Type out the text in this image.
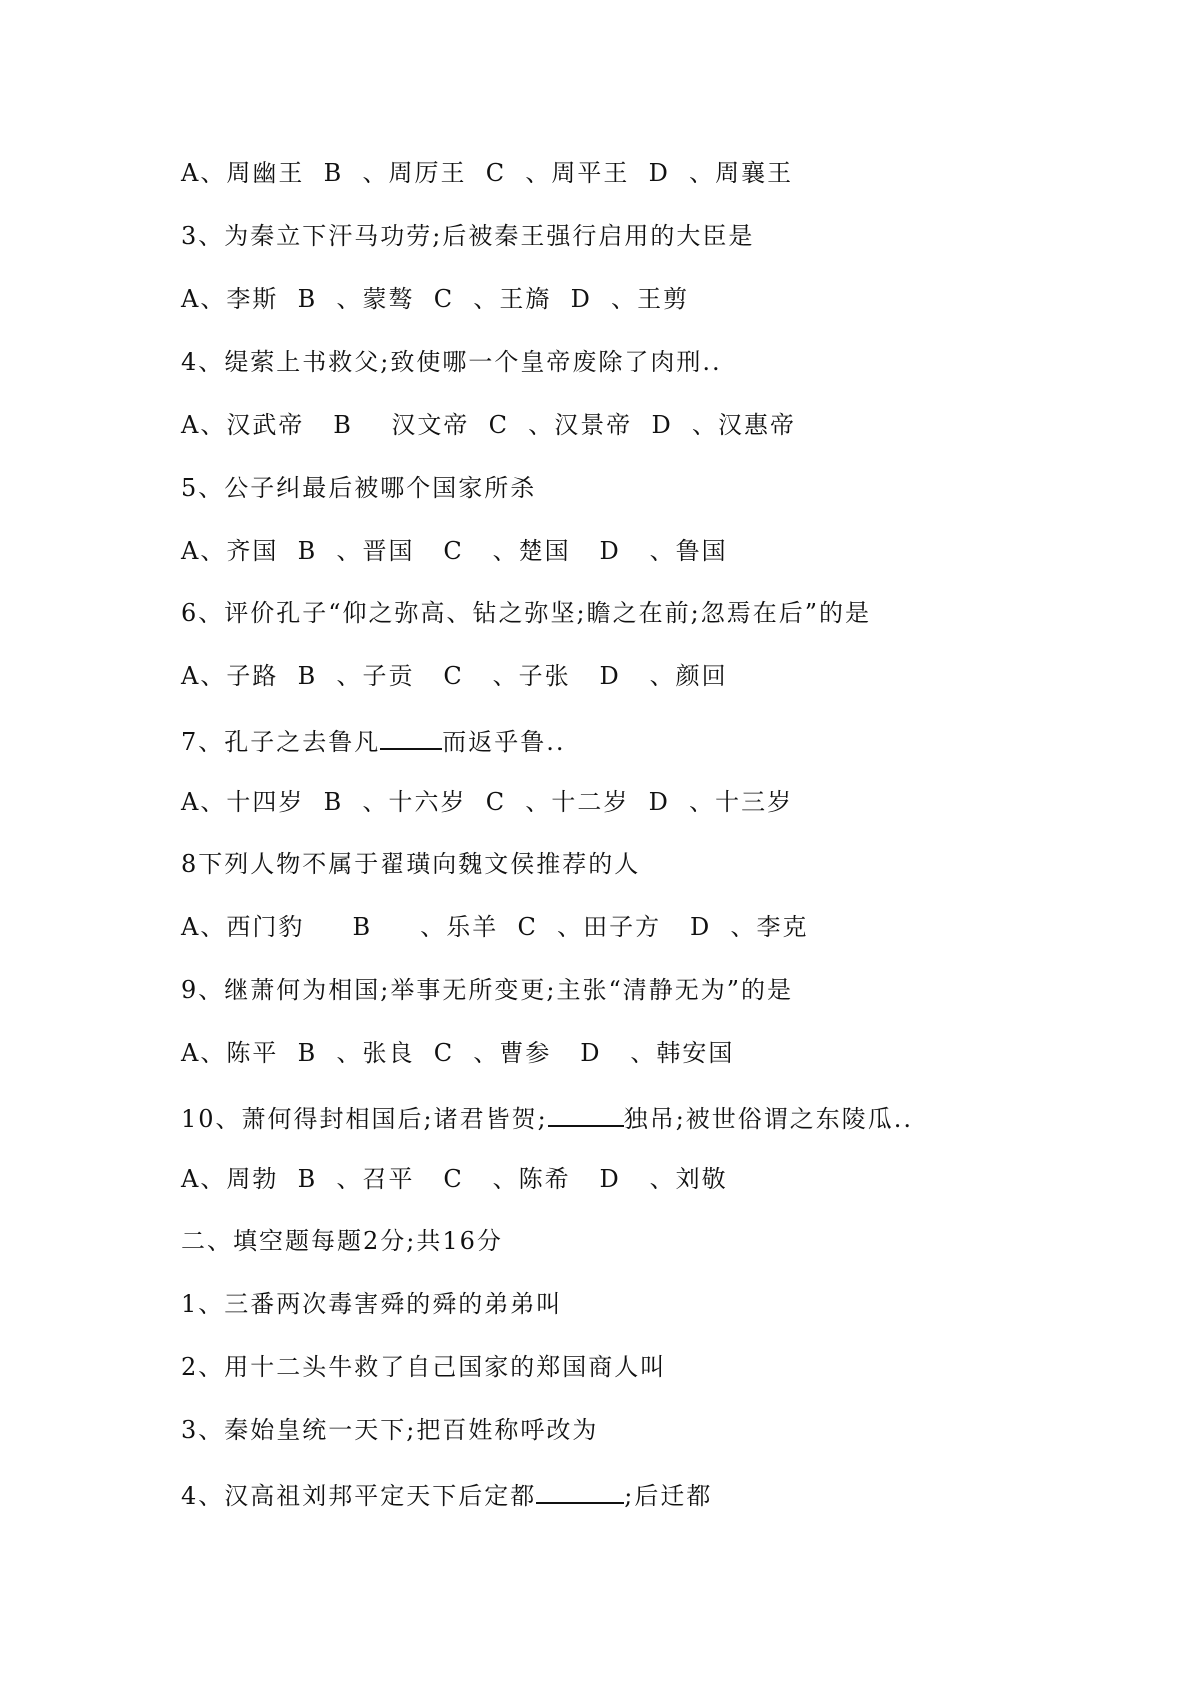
A、周幽王  B  、周厉王  C  、周平王  D  、周襄王
3、为秦立下汗马功劳;后被秦王强行启用的大臣是
A、李斯  B  、蒙骜  C  、王旖  D  、王剪
4、缇萦上书救父;致使哪一个皇帝废除了肉刑..
A、汉武帝   B    汉文帝  C  、汉景帝  D  、汉惠帝
5、公子纠最后被哪个国家所杀
A、齐国  B  、晋国   C   、楚国   D   、鲁国
6、评价孔子“仰之弥高、钻之弥坚;瞻之在前;忽焉在后”的是
A、子路  B  、子贡   C   、子张   D   、颜回
7、孔子之去鲁凡	而返乎鲁..
A、十四岁  B  、十六岁  C  、十二岁  D  、十三岁
8下列人物不属于翟璜向魏文侯推荐的人
A、西门豹     B     、乐羊  C  、田子方   D  、李克
9、继萧何为相国;举事无所变更;主张“清静无为”的是
A、陈平  B  、张良  C  、曹参   D   、韩安国
10、萧何得封相国后;诸君皆贺;	独吊;被世俗谓之东陵瓜..
A、周勃  B  、召平   C   、陈希   D   、刘敬
二、填空题每题2分;共16分
1、三番两次毒害舜的舜的弟弟叫
2、用十二头牛救了自己国家的郑国商人叫
3、秦始皇统一天下;把百姓称呼改为
4、汉高祖刘邦平定天下后定都	;后迁都
